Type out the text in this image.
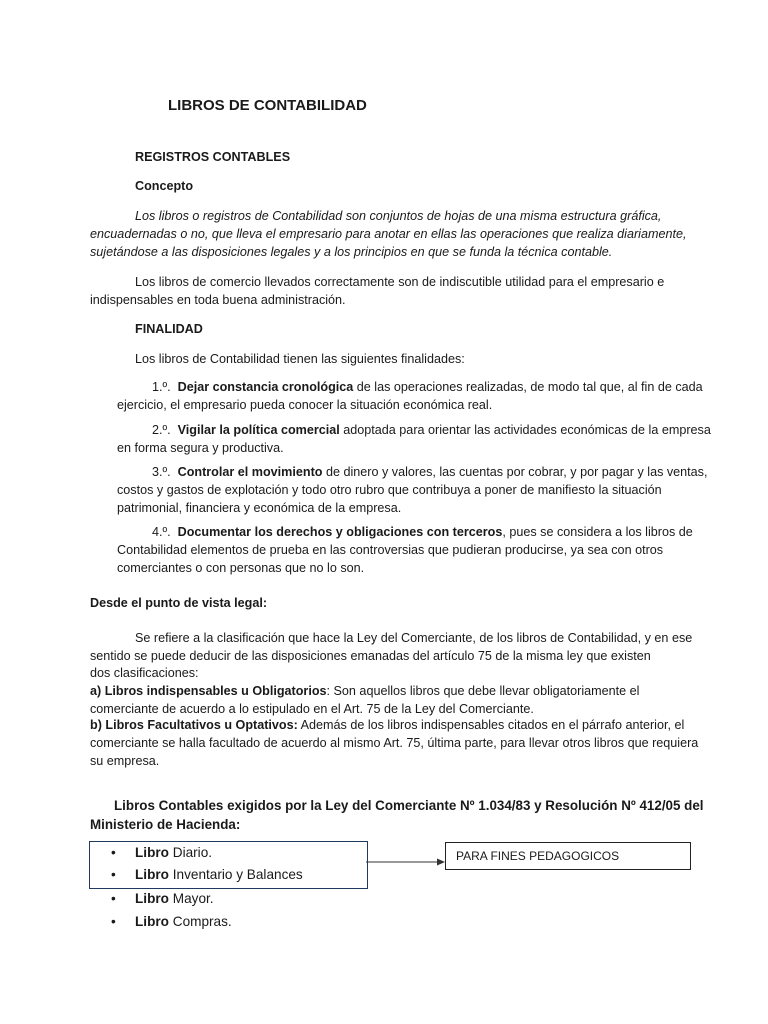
LIBROS DE CONTABILIDAD
REGISTROS CONTABLES
Concepto

Los libros o registros de Contabilidad son conjuntos de hojas de una misma estructura gráfica, encuadernadas o no, que lleva el empresario para anotar en ellas las operaciones que realiza diariamente, sujetándose a las disposiciones legales y a los principios en que se funda la técnica contable.

Los libros de comercio llevados correctamente son de indiscutible utilidad para el empresario e indispensables en toda buena administración.

FINALIDAD

Los libros de Contabilidad tienen las siguientes finalidades:

1.º. Dejar constancia cronológica de las operaciones realizadas, de modo tal que, al fin de cada ejercicio, el empresario pueda conocer la situación económica real.

2.º. Vigilar la política comercial adoptada para orientar las actividades económicas de la empresa en forma segura y productiva.

3.º. Controlar el movimiento de dinero y valores, las cuentas por cobrar, y por pagar y las ventas, costos y gastos de explotación y todo otro rubro que contribuya a poner de manifiesto la situación patrimonial, financiera y económica de la empresa.

4.º. Documentar los derechos y obligaciones con terceros, pues se considera a los libros de Contabilidad elementos de prueba en las controversias que pudieran producirse, ya sea con otros comerciantes o con personas que no lo son.

Desde el punto de vista legal:

Se refiere a la clasificación que hace la Ley del Comerciante, de los libros de Contabilidad, y en ese sentido se puede deducir de las disposiciones emanadas del artículo 75 de la misma ley que existen

dos clasificaciones:

a) Libros indispensables u Obligatorios: Son aquellos libros que debe llevar obligatoriamente el comerciante de acuerdo a lo estipulado en el Art. 75 de la Ley del Comerciante.

b) Libros Facultativos u Optativos: Además de los libros indispensables citados en el párrafo anterior, el comerciante se halla facultado de acuerdo al mismo Art. 75, última parte, para llevar otros libros que requiera su empresa.

Libros Contables exigidos por la Ley del Comerciante Nº 1.034/83 y Resolución Nº 412/05 del Ministerio de Hacienda:

PARA FINES PEDAGOGICOS
• Libro Diario.
• Libro Inventario y Balances
• Libro Mayor.
• Libro Compras.
